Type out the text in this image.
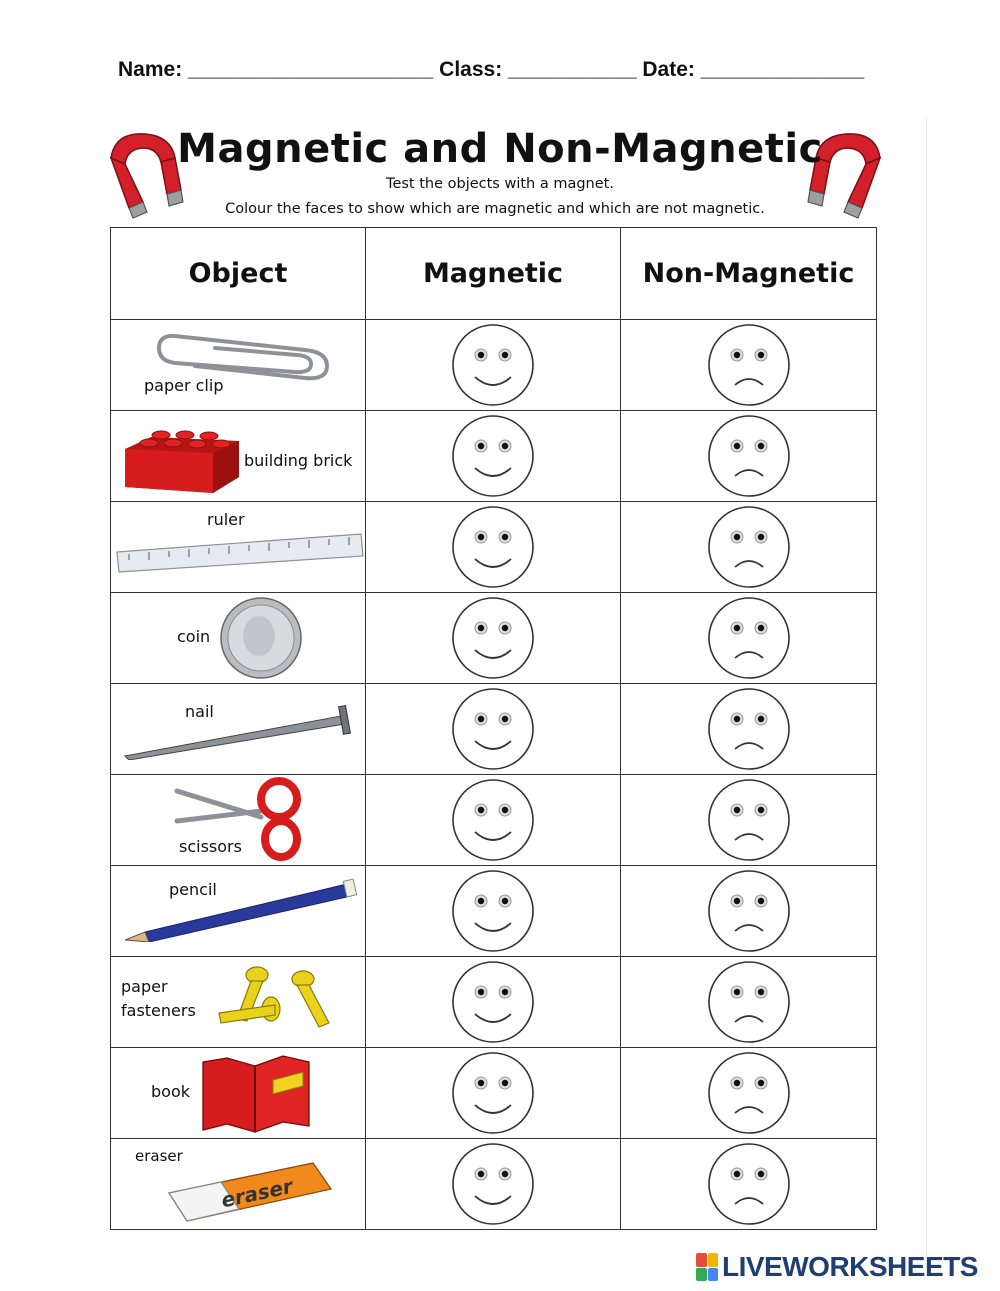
Name: _____________________ Class: ___________ Date: ______________
Magnetic and Non-Magnetic
Test the objects with a magnet.
Colour the faces to show which are magnetic and which are not magnetic.
Object	Magnetic	Non-Magnetic

paper clip

building brick

ruler

coin

nail

scissors

pencil

paper fasteners

book

eraser
eraser

LIVEWORKSHEETS
